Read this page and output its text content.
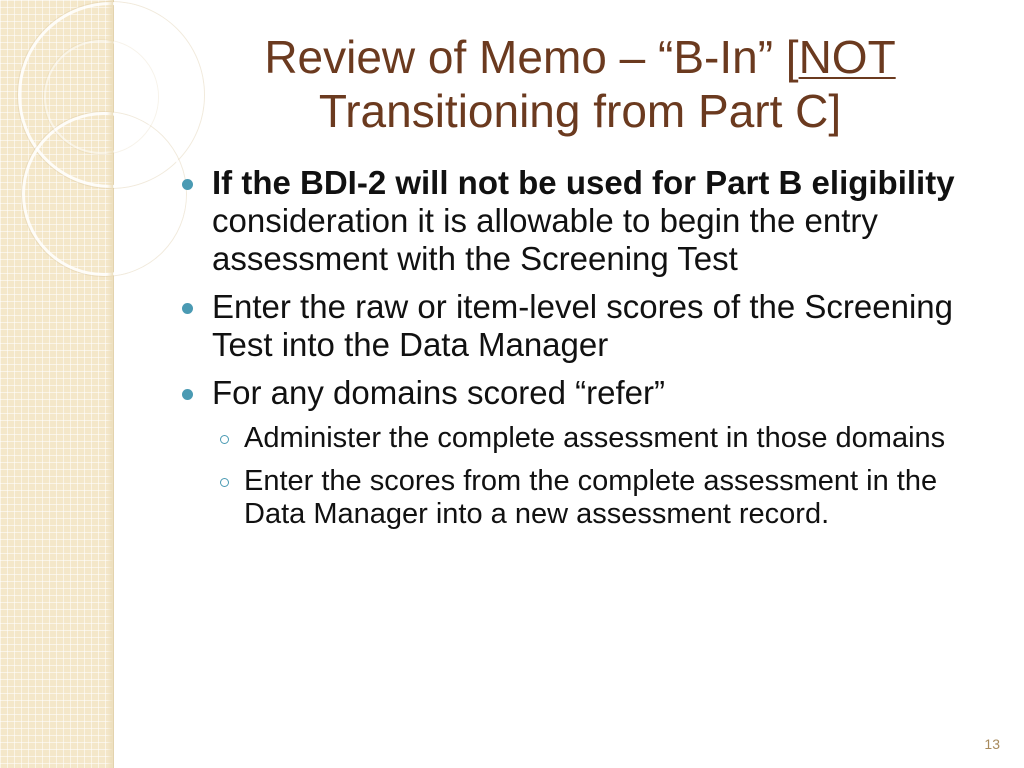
Review of Memo – “B-In” [NOT
Transitioning from Part C]
If the BDI-2 will not be used for Part B eligibility consideration it is allowable to begin the entry assessment with the Screening Test
Enter the raw or item-level scores of the Screening Test into the Data Manager
For any domains scored “refer”
Administer the complete assessment in those domains
Enter the scores from the complete assessment in the Data Manager into a new assessment record.
13
